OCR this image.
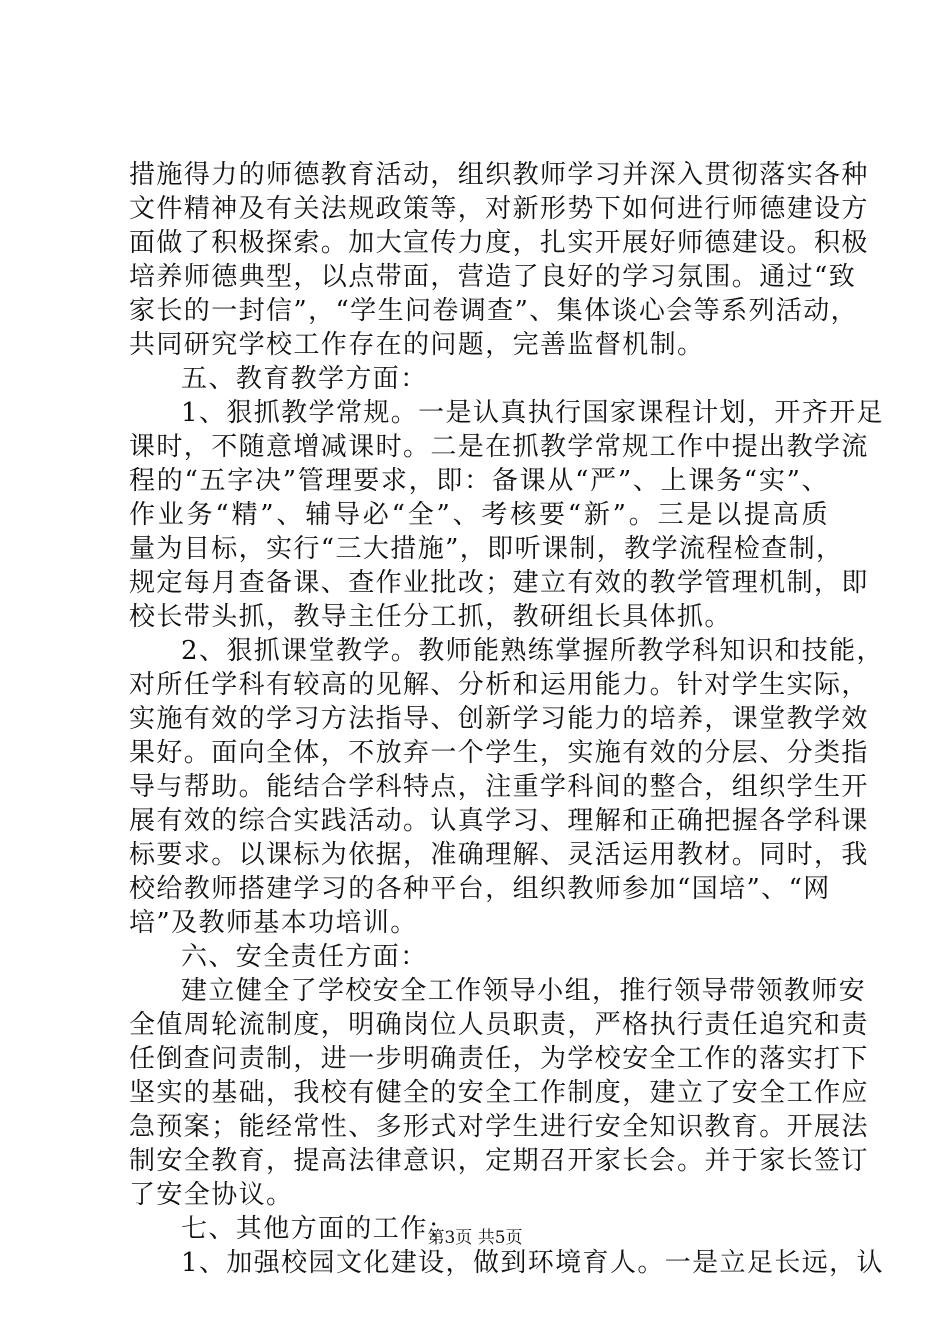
措施得力的师德教育活动，组织教师学习并深入贯彻落实各种
文件精神及有关法规政策等，对新形势下如何进行师德建设方
面做了积极探索。加大宣传力度，扎实开展好师德建设。积极
培养师德典型，以点带面，营造了良好的学习氛围。通过“致
家长的一封信”，“学生问卷调查”、集体谈心会等系列活动，
共同研究学校工作存在的问题，完善监督机制。
五、教育教学方面：
1、狠抓教学常规。一是认真执行国家课程计划，开齐开足
课时，不随意增减课时。二是在抓教学常规工作中提出教学流
程的“五字决”管理要求，即：备课从“严”、上课务“实”、
作业务“精”、辅导必“全”、考核要“新”。三是以提高质
量为目标，实行“三大措施”，即听课制，教学流程检查制，
规定每月查备课、查作业批改；建立有效的教学管理机制，即
校长带头抓，教导主任分工抓，教研组长具体抓。
2、狠抓课堂教学。教师能熟练掌握所教学科知识和技能，
对所任学科有较高的见解、分析和运用能力。针对学生实际，
实施有效的学习方法指导、创新学习能力的培养，课堂教学效
果好。面向全体，不放弃一个学生，实施有效的分层、分类指
导与帮助。能结合学科特点，注重学科间的整合，组织学生开
展有效的综合实践活动。认真学习、理解和正确把握各学科课
标要求。以课标为依据，准确理解、灵活运用教材。同时，我
校给教师搭建学习的各种平台，组织教师参加“国培”、“网
培”及教师基本功培训。
六、安全责任方面：
建立健全了学校安全工作领导小组，推行领导带领教师安
全值周轮流制度，明确岗位人员职责，严格执行责任追究和责
任倒查问责制，进一步明确责任，为学校安全工作的落实打下
坚实的基础，我校有健全的安全工作制度，建立了安全工作应
急预案；能经常性、多形式对学生进行安全知识教育。开展法
制安全教育，提高法律意识，定期召开家长会。并于家长签订
了安全协议。
七、其他方面的工作：
1、加强校园文化建设，做到环境育人。一是立足长远，认
第3页 共5页
